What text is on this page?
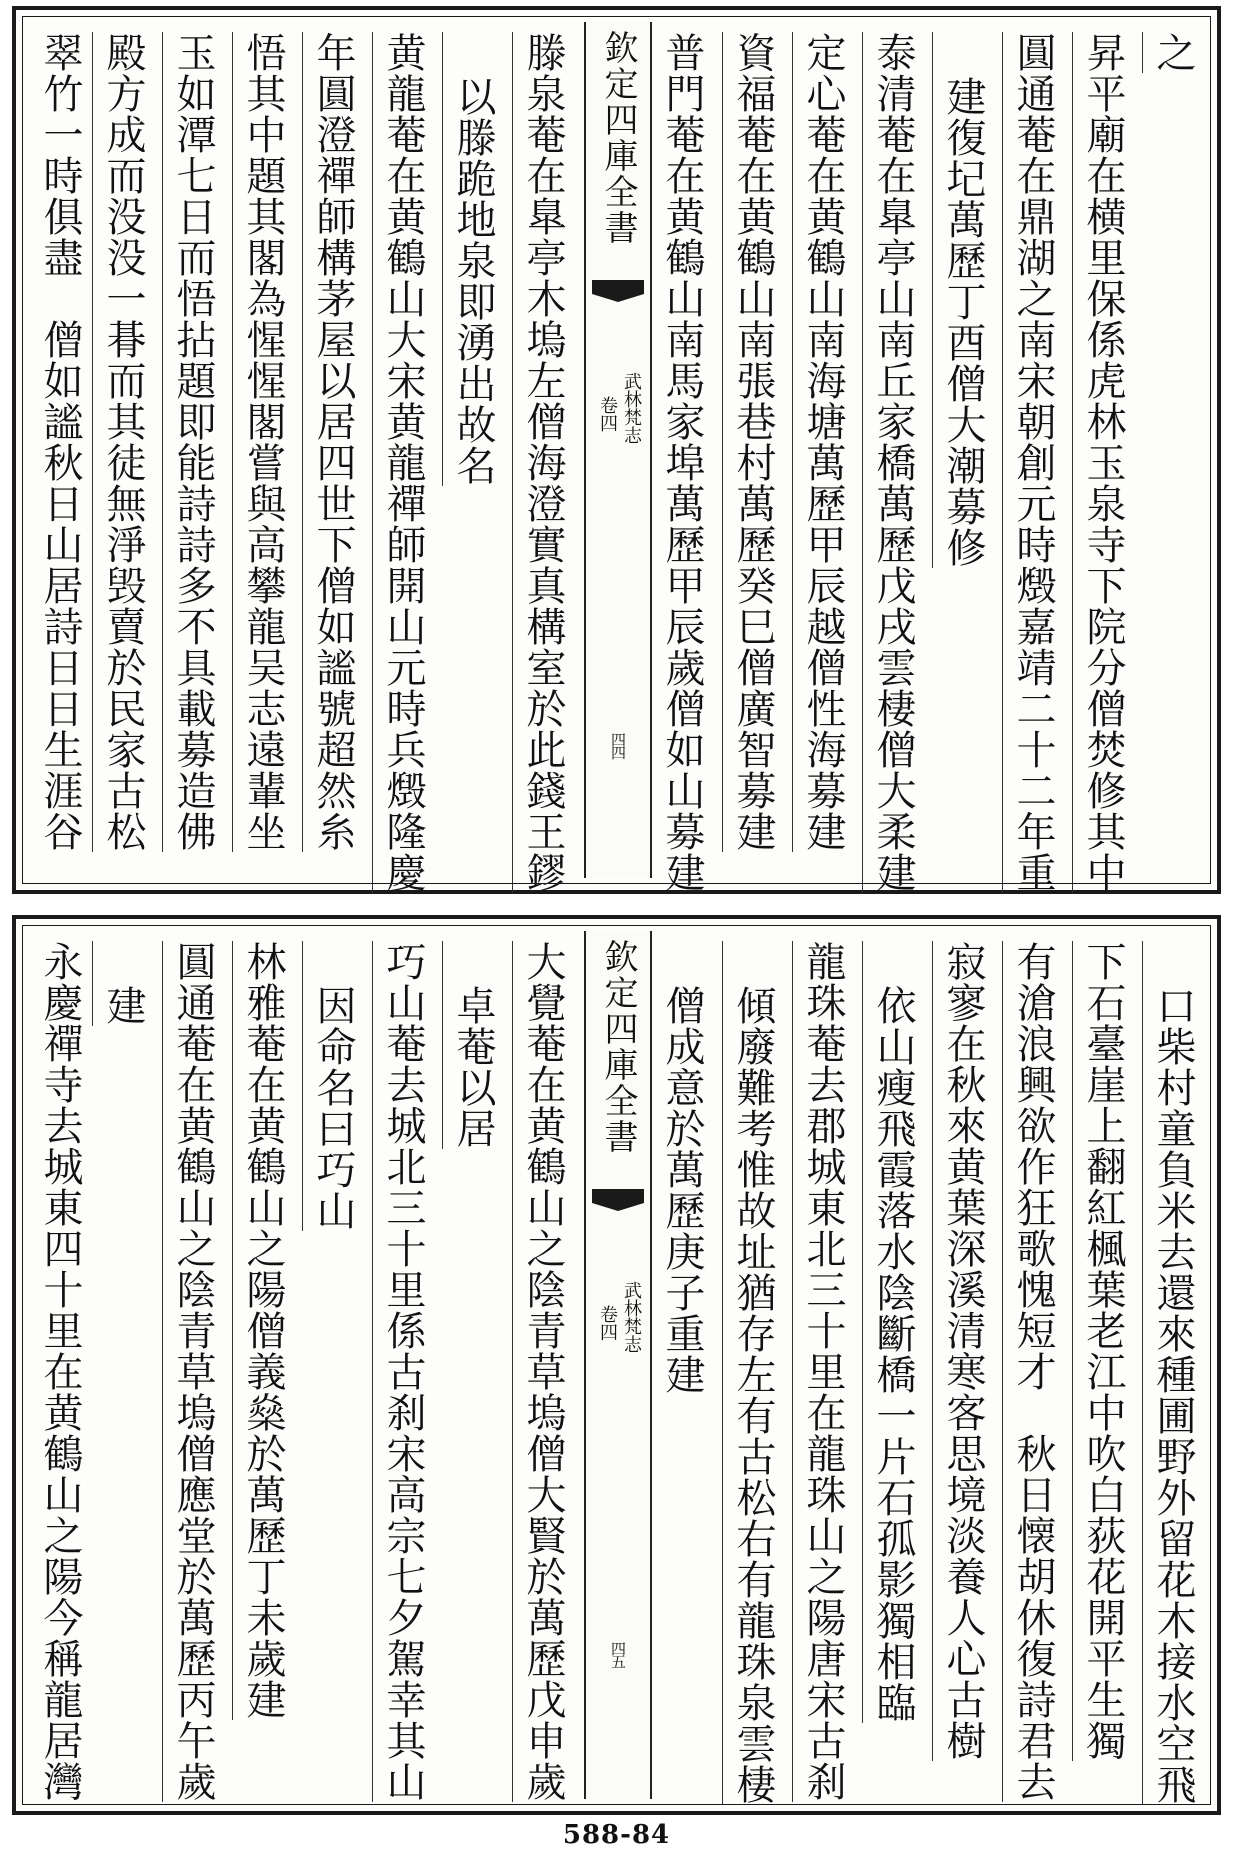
之
昇平廟在横里保係虎林玉泉寺下院分僧焚修其中
圓通菴在鼎湖之南宋朝創元時燬嘉靖二十二年重
建復圮萬歷丁酉僧大潮募修
泰清菴在臯亭山南丘家橋萬歷戊戌雲棲僧大柔建
定心菴在黄鶴山南海塘萬歷甲辰越僧性海募建
資福菴在黄鶴山南張巷村萬歷癸巳僧廣智募建
普門菴在黄鶴山南馬家埠萬歷甲辰歲僧如山募建
欽定四庫全書
武林梵志
卷四
四四
滕泉菴在臯亭木塢左僧海澄實真構室於此錢王鏐
以滕跪地泉即湧出故名
黄龍菴在黄鶴山大宋黄龍禪師開山元時兵燬隆慶
年圓澄禪師構茅屋以居四世下僧如謐號超然糸
悟其中題其閣為惺惺閣嘗與高攀龍吴志遠輩坐
玉如潭七日而悟拈題即能詩詩多不具載募造佛
殿方成而没没一朞而其徒無淨毁賣於民家古松
翠竹一時俱盡　僧如謐秋日山居詩日日生涯谷
口柴村童負米去還來種圃野外留花木接水空飛
下石臺崖上翻紅楓葉老江中吹白荻花開平生獨
有滄浪興欲作狂歌愧短才　秋日懐胡休復詩君去
寂寥在秋來黄葉深溪清寒客思境淡養人心古樹
依山瘦飛霞落水陰斷橋一片石孤影獨相臨
龍珠菴去郡城東北三十里在龍珠山之陽唐宋古刹
傾廢難考惟故址猶存左有古松右有龍珠泉雲棲
僧成意於萬歷庚子重建
欽定四庫全書
武林梵志
卷四
四五
大覺菴在黄鶴山之陰青草塢僧大賢於萬歷戊申歲
卓菴以居
巧山菴去城北三十里係古刹宋高宗七夕駕幸其山
因命名曰巧山
林雅菴在黄鶴山之陽僧義燊於萬歷丁未歲建
圓通菴在黄鶴山之陰青草塢僧應堂於萬歷丙午歲
建
永慶禪寺去城東四十里在黄鶴山之陽今稱龍居灣
588-84
